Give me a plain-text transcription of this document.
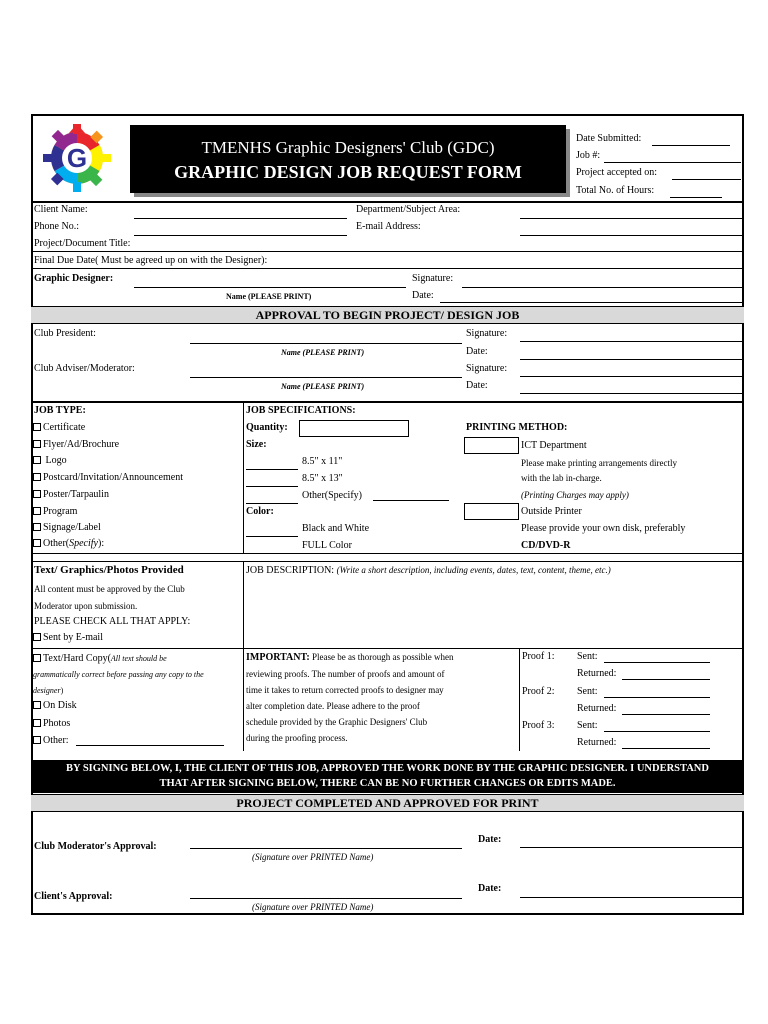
G	TMENHS Graphic Designers' Club (GDC)
GRAPHIC DESIGN JOB REQUEST FORM
Date Submitted:
Job #:
Project accepted on:
Total No. of Hours:
Client Name:	Department/Subject Area:
Phone No.:	E-mail Address:
Project/Document Title:
Final Due Date( Must be agreed up on with the Designer):
Graphic Designer:
Name (PLEASE PRINT)
Signature:
Date:
APPROVAL TO BEGIN PROJECT/ DESIGN JOB
Club President:
Name (PLEASE PRINT)
Signature:
Date:
Club Adviser/Moderator:
Name (PLEASE PRINT)
Signature:
Date:
JOB TYPE:
Certificate
Flyer/Ad/Brochure
Logo
Postcard/Invitation/Announcement
Poster/Tarpaulin
Program
Signage/Label
Other(Specify):
JOB SPECIFICATIONS:
Quantity:
Size:
8.5" x 11"
8.5" x 13"
Other(Specify)
Color:
Black and White
FULL Color
PRINTING METHOD:
ICT Department
Please make printing arrangements directly
with the lab in-charge.
(Printing Charges may apply)
Outside Printer
Please provide your own disk, preferably
CD/DVD-R
Text/ Graphics/Photos Provided
All content must be approved by the Club
Moderator upon submission.
PLEASE CHECK ALL THAT APPLY:
Sent by E-mail
Text/Hard Copy(All text should be
grammatically correct before passing any copy to the
designer)
On Disk
Photos
Other:
JOB DESCRIPTION: (Write a short description, including events, dates, text, content, theme, etc.)
IMPORTANT: Please be as thorough as possible when
reviewing proofs. The number of proofs and amount of
time it takes to return corrected proofs to designer may
alter completion date. Please adhere to the proof
schedule provided by the Graphic Designers' Club
during the proofing process.
Proof 1: Sent:
Returned:
Proof 2: Sent:
Returned:
Proof 3: Sent:
Returned:
BY SIGNING BELOW, I, THE CLIENT OF THIS JOB, APPROVED THE WORK DONE BY THE GRAPHIC DESIGNER. I UNDERSTAND
THAT AFTER SIGNING BELOW, THERE CAN BE NO FURTHER CHANGES OR EDITS MADE.
PROJECT COMPLETED AND APPROVED FOR PRINT
Club Moderator's Approval:
(Signature over PRINTED Name)
Date:
Client's Approval:
(Signature over PRINTED Name)
Date:
